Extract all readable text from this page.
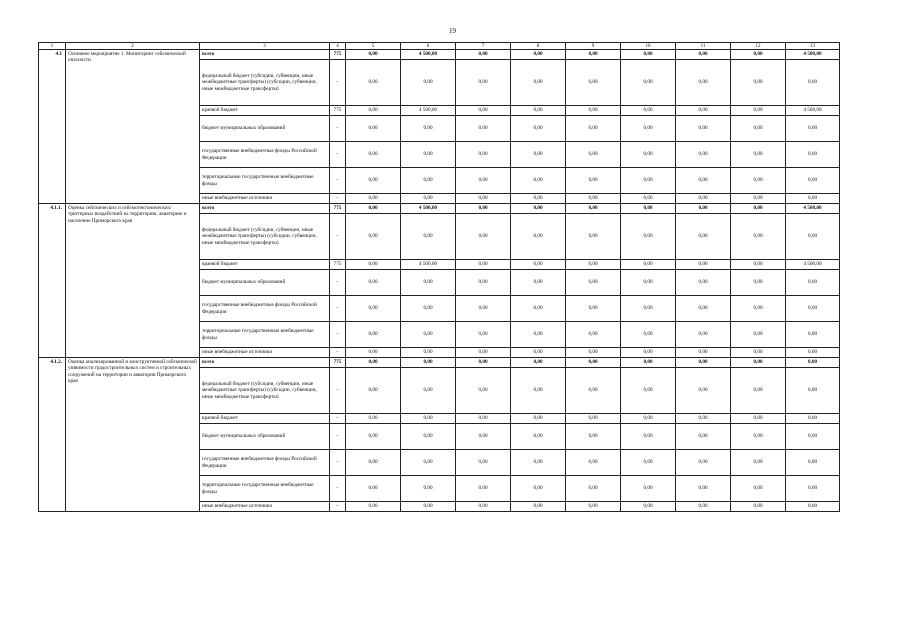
19
1	2	3	4	5	6	7	8	9	10	11	12	13
4.1	Основное мероприятие 1. Мониторинг сейсмической опасности	всего	775	0,00	4 500,00	0,00	0,00	0,00	0,00	0,00	0,00	4 500,00
		федеральный бюджет (субсидии, субвенции, иные межбюджетные трансферты) (субсидии, субвенции, иные межбюджетные трансферты)	-	0,00	0,00	0,00	0,00	0,00	0,00	0,00	0,00	0,00
		краевой бюджет	775	0,00	4 500,00	0,00	0,00	0,00	0,00	0,00	0,00	4 500,00
		бюджет муниципальных образований	-	0,00	0,00	0,00	0,00	0,00	0,00	0,00	0,00	0,00
		государственные внебюджетные фонды Российской Федерации	-	0,00	0,00	0,00	0,00	0,00	0,00	0,00	0,00	0,00
		территориальные государственные внебюджетные фонды	-	0,00	0,00	0,00	0,00	0,00	0,00	0,00	0,00	0,00
		иные внебюджетные источники	-	0,00	0,00	0,00	0,00	0,00	0,00	0,00	0,00	0,00
4.1.1.	Оценка сейсмических и сейсмотектонических/триггерных воздействий на территорию, акваторию и население Приморского края	всего	775	0,00	4 500,00	0,00	0,00	0,00	0,00	0,00	0,00	4 500,00
		федеральный бюджет (субсидии, субвенции, иные межбюджетные трансферты) (субсидии, субвенции, иные межбюджетные трансферты)	-	0,00	0,00	0,00	0,00	0,00	0,00	0,00	0,00	0,00
		краевой бюджет	775	0,00	4 500,00	0,00	0,00	0,00	0,00	0,00	0,00	4 500,00
		бюджет муниципальных образований	-	0,00	0,00	0,00	0,00	0,00	0,00	0,00	0,00	0,00
		государственные внебюджетные фонды Российской Федерации	-	0,00	0,00	0,00	0,00	0,00	0,00	0,00	0,00	0,00
		территориальные государственные внебюджетные фонды	-	0,00	0,00	0,00	0,00	0,00	0,00	0,00	0,00	0,00
		иные внебюджетные источники	-	0,00	0,00	0,00	0,00	0,00	0,00	0,00	0,00	0,00
4.1.2.	Оценка анализированной и конструктивной сейсмической уязвимости градостроительных систем и строительных сооружений на территории и акватории Приморского края	всего	775	0,00	0,00	0,00	0,00	0,00	0,00	0,00	0,00	0,00
		федеральный бюджет (субсидии, субвенции, иные межбюджетные трансферты) (субсидии, субвенции, иные межбюджетные трансферты)	-	0,00	0,00	0,00	0,00	0,00	0,00	0,00	0,00	0,00
		краевой бюджет	-	0,00	0,00	0,00	0,00	0,00	0,00	0,00	0,00	0,00
		бюджет муниципальных образований	-	0,00	0,00	0,00	0,00	0,00	0,00	0,00	0,00	0,00
		государственные внебюджетные фонды Российской Федерации	-	0,00	0,00	0,00	0,00	0,00	0,00	0,00	0,00	0,00
		территориальные государственные внебюджетные фонды	-	0,00	0,00	0,00	0,00	0,00	0,00	0,00	0,00	0,00
		иные внебюджетные источники	-	0,00	0,00	0,00	0,00	0,00	0,00	0,00	0,00	0,00
